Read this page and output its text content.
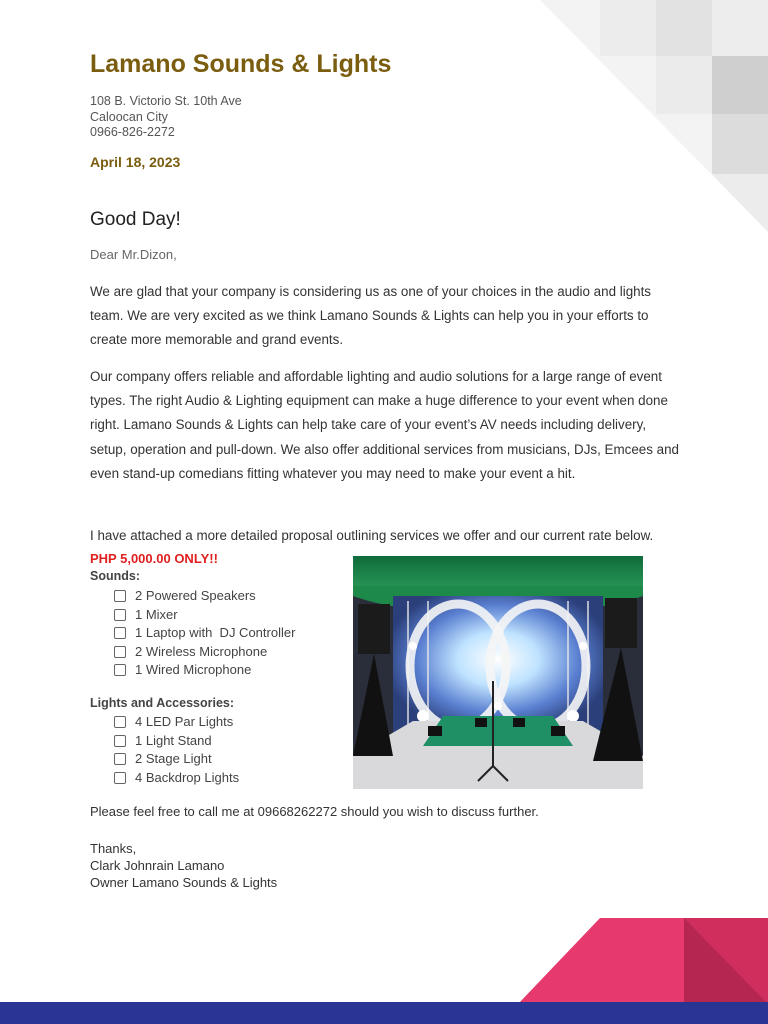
Lamano Sounds & Lights
108 B. Victorio St. 10th Ave
Caloocan City
0966-826-2272
April 18, 2023
Good Day!
Dear Mr.Dizon,

We are glad that your company is considering us as one of your choices in the audio and lights team. We are very excited as we think Lamano Sounds & Lights can help you in your efforts to create more memorable and grand events.

Our company offers reliable and affordable lighting and audio solutions for a large range of event types. The right Audio & Lighting equipment can make a huge difference to your event when done right. Lamano Sounds & Lights can help take care of your event’s AV needs including delivery, setup, operation and pull-down. We also offer additional services from musicians, DJs, Emcees and even stand-up comedians fitting whatever you may need to make your event a hit.

I have attached a more detailed proposal outlining services we offer and our current rate below.

PHP 5,000.00 ONLY!!
Sounds:
2 Powered Speakers
1 Mixer
1 Laptop with  DJ Controller
2 Wireless Microphone
1 Wired Microphone
Lights and Accessories:
4 LED Par Lights
1 Light Stand
2 Stage Light
4 Backdrop Lights
Please feel free to call me at 09668262272 should you wish to discuss further.
Thanks,
Clark Johnrain Lamano
Owner Lamano Sounds & Lights
